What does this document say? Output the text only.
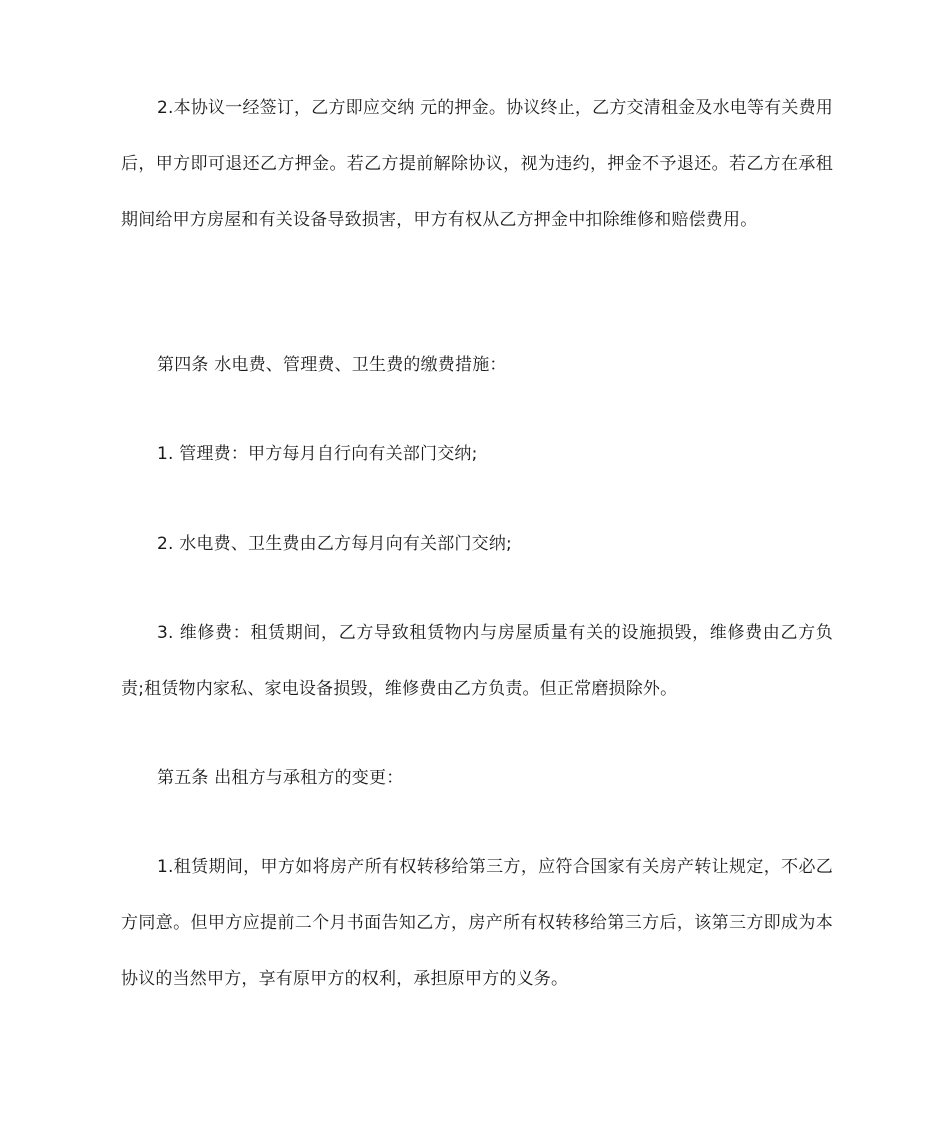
2.本协议一经签订，乙方即应交纳 元的押金。协议终止，乙方交清租金及水电等有关费用后，甲方即可退还乙方押金。若乙方提前解除协议，视为违约，押金不予退还。若乙方在承租期间给甲方房屋和有关设备导致损害，甲方有权从乙方押金中扣除维修和赔偿费用。

第四条 水电费、管理费、卫生费的缴费措施：

1. 管理费：甲方每月自行向有关部门交纳;

2. 水电费、卫生费由乙方每月向有关部门交纳;

3. 维修费：租赁期间，乙方导致租赁物内与房屋质量有关的设施损毁，维修费由乙方负责;租赁物内家私、家电设备损毁，维修费由乙方负责。但正常磨损除外。

第五条 出租方与承租方的变更：

1.租赁期间，甲方如将房产所有权转移给第三方，应符合国家有关房产转让规定，不必乙方同意。但甲方应提前二个月书面告知乙方，房产所有权转移给第三方后，该第三方即成为本协议的当然甲方，享有原甲方的权利，承担原甲方的义务。
